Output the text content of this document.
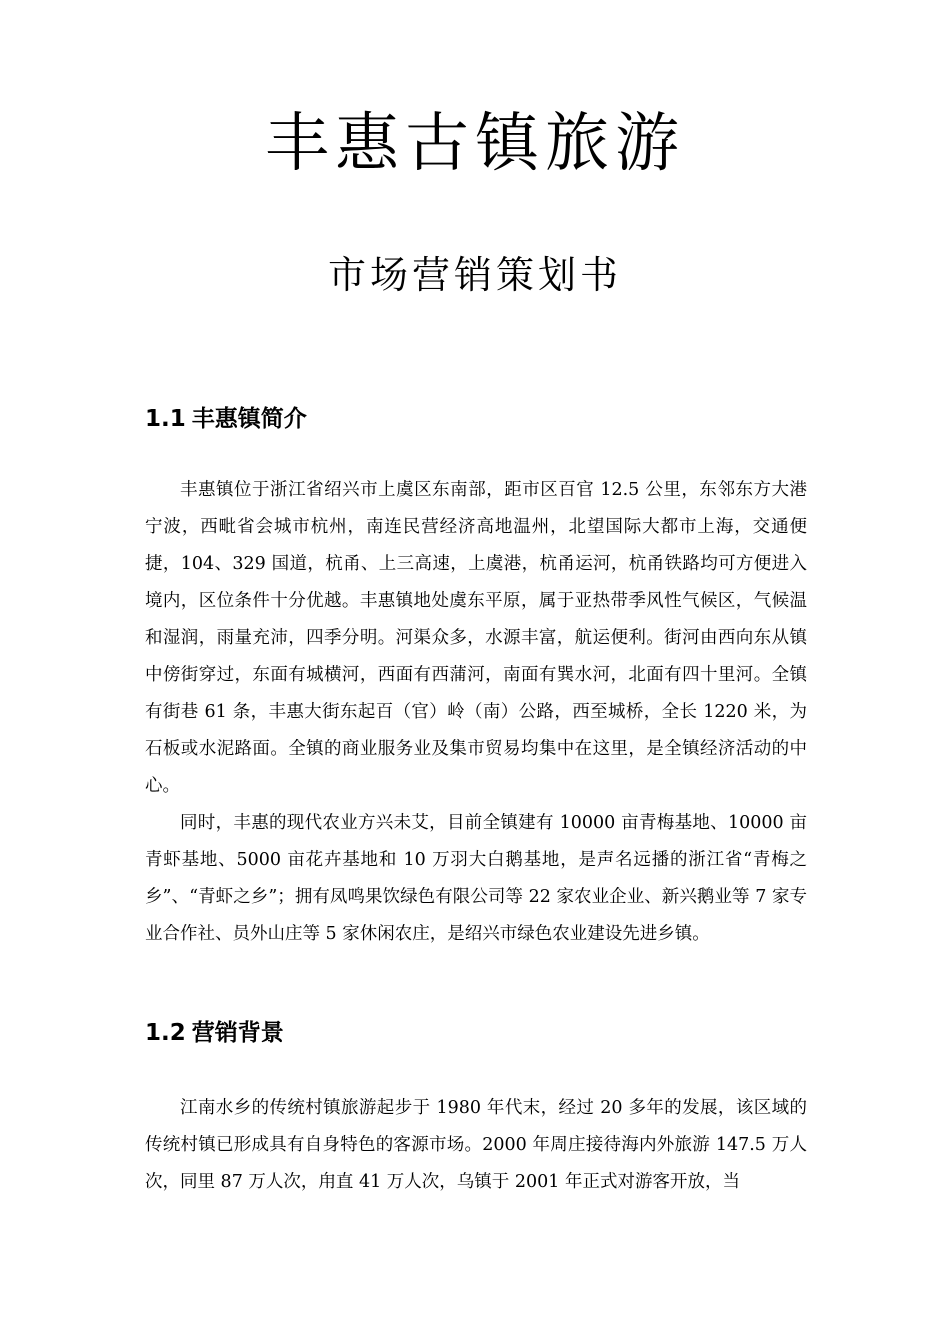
丰惠古镇旅游
市场营销策划书
1.1 丰惠镇简介

丰惠镇位于浙江省绍兴市上虞区东南部，距市区百官 12.5 公里，东邻东方大港宁波，西毗省会城市杭州，南连民营经济高地温州，北望国际大都市上海，交通便捷，104、329 国道，杭甬、上三高速，上虞港，杭甬运河，杭甬铁路均可方便进入境内，区位条件十分优越。丰惠镇地处虞东平原，属于亚热带季风性气候区，气候温和湿润，雨量充沛，四季分明。河渠众多，水源丰富，航运便利。街河由西向东从镇中傍街穿过，东面有城横河，西面有西蒲河，南面有巽水河，北面有四十里河。全镇有街巷 61 条，丰惠大街东起百（官）岭（南）公路，西至城桥，全长 1220 米，为石板或水泥路面。全镇的商业服务业及集市贸易均集中在这里，是全镇经济活动的中心。

同时，丰惠的现代农业方兴未艾，目前全镇建有 10000 亩青梅基地、10000 亩青虾基地、5000 亩花卉基地和 10 万羽大白鹅基地，是声名远播的浙江省“青梅之乡”、“青虾之乡”；拥有凤鸣果饮绿色有限公司等 22 家农业企业、新兴鹅业等 7 家专业合作社、员外山庄等 5 家休闲农庄，是绍兴市绿色农业建设先进乡镇。

1.2 营销背景

江南水乡的传统村镇旅游起步于 1980 年代末，经过 20 多年的发展，该区域的传统村镇已形成具有自身特色的客源市场。2000 年周庄接待海内外旅游 147.5 万人次，同里 87 万人次，甪直 41 万人次，乌镇于 2001 年正式对游客开放，当
